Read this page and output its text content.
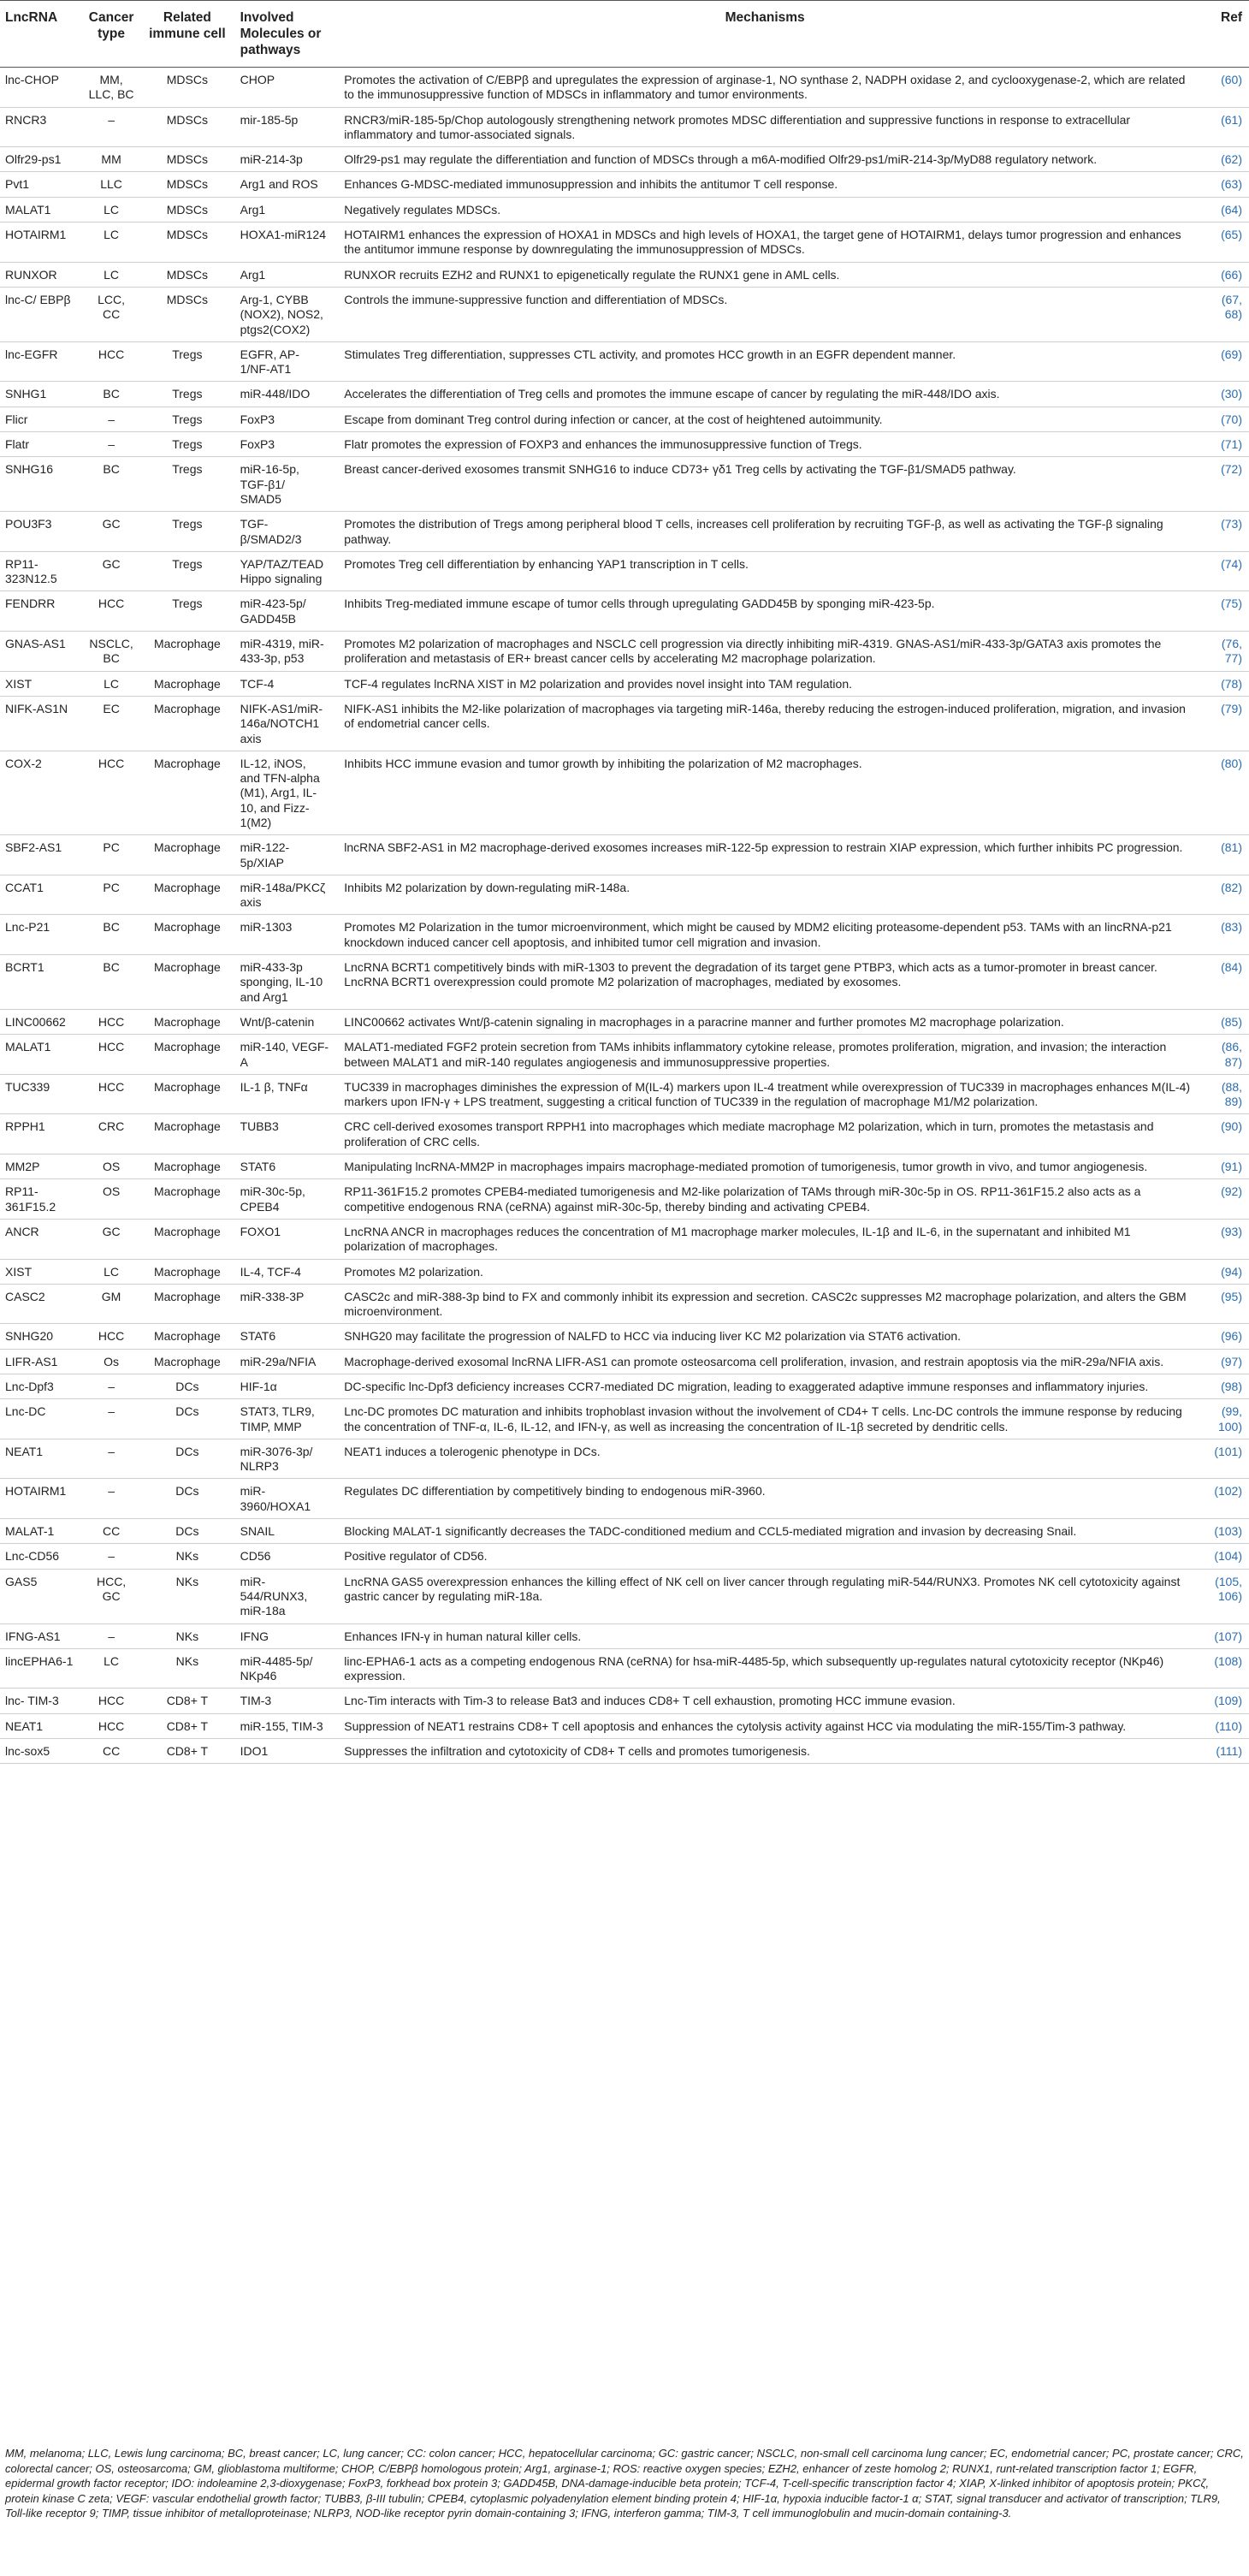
LncRNA	Cancer type	Related immune cell	Involved Molecules or pathways	Mechanisms	Ref
lnc-CHOP	MM, LLC, BC	MDSCs	CHOP	Promotes the activation of C/EBPβ and upregulates the expression of arginase-1, NO synthase 2, NADPH oxidase 2, and cyclooxygenase-2, which are related to the immunosuppressive function of MDSCs in inflammatory and tumor environments.	(60)
RNCR3	–	MDSCs	mir-185-5p	RNCR3/miR-185-5p/Chop autologously strengthening network promotes MDSC differentiation and suppressive functions in response to extracellular inflammatory and tumor-associated signals.	(61)
Olfr29-ps1	MM	MDSCs	miR-214-3p	Olfr29-ps1 may regulate the differentiation and function of MDSCs through a m6A-modified Olfr29-ps1/miR-214-3p/MyD88 regulatory network.	(62)
Pvt1	LLC	MDSCs	Arg1 and ROS	Enhances G-MDSC-mediated immunosuppression and inhibits the antitumor T cell response.	(63)
MALAT1	LC	MDSCs	Arg1	Negatively regulates MDSCs.	(64)
HOTAIRM1	LC	MDSCs	HOXA1-miR124	HOTAIRM1 enhances the expression of HOXA1 in MDSCs and high levels of HOXA1, the target gene of HOTAIRM1, delays tumor progression and enhances the antitumor immune response by downregulating the immunosuppression of MDSCs.	(65)
RUNXOR	LC	MDSCs	Arg1	RUNXOR recruits EZH2 and RUNX1 to epigenetically regulate the RUNX1 gene in AML cells.	(66)
lnc-C/ EBPβ	LCC, CC	MDSCs	Arg-1, CYBB (NOX2), NOS2, ptgs2(COX2)	Controls the immune-suppressive function and differentiation of MDSCs.	(67, 68)
lnc-EGFR	HCC	Tregs	EGFR, AP-1/NF-AT1	Stimulates Treg differentiation, suppresses CTL activity, and promotes HCC growth in an EGFR dependent manner.	(69)
SNHG1	BC	Tregs	miR-448/IDO	Accelerates the differentiation of Treg cells and promotes the immune escape of cancer by regulating the miR-448/IDO axis.	(30)
Flicr	–	Tregs	FoxP3	Escape from dominant Treg control during infection or cancer, at the cost of heightened autoimmunity.	(70)
Flatr	–	Tregs	FoxP3	Flatr promotes the expression of FOXP3 and enhances the immunosuppressive function of Tregs.	(71)
SNHG16	BC	Tregs	miR-16-5p, TGF-β1/ SMAD5	Breast cancer-derived exosomes transmit SNHG16 to induce CD73+ γδ1 Treg cells by activating the TGF-β1/SMAD5 pathway.	(72)
POU3F3	GC	Tregs	TGF-β/SMAD2/3	Promotes the distribution of Tregs among peripheral blood T cells, increases cell proliferation by recruiting TGF-β, as well as activating the TGF-β signaling pathway.	(73)
RP11-323N12.5	GC	Tregs	YAP/TAZ/TEAD Hippo signaling	Promotes Treg cell differentiation by enhancing YAP1 transcription in T cells.	(74)
FENDRR	HCC	Tregs	miR-423-5p/ GADD45B	Inhibits Treg-mediated immune escape of tumor cells through upregulating GADD45B by sponging miR-423-5p.	(75)
GNAS-AS1	NSCLC, BC	Macrophage	miR-4319, miR-433-3p, p53	Promotes M2 polarization of macrophages and NSCLC cell progression via directly inhibiting miR-4319. GNAS-AS1/miR-433-3p/GATA3 axis promotes the proliferation and metastasis of ER+ breast cancer cells by accelerating M2 macrophage polarization.	(76, 77)
XIST	LC	Macrophage	TCF-4	TCF-4 regulates lncRNA XIST in M2 polarization and provides novel insight into TAM regulation.	(78)
NIFK-AS1N	EC	Macrophage	NIFK-AS1/miR-146a/NOTCH1 axis	NIFK-AS1 inhibits the M2-like polarization of macrophages via targeting miR-146a, thereby reducing the estrogen-induced proliferation, migration, and invasion of endometrial cancer cells.	(79)
COX-2	HCC	Macrophage	IL-12, iNOS, and TFN-alpha (M1), Arg1, IL-10, and Fizz-1(M2)	Inhibits HCC immune evasion and tumor growth by inhibiting the polarization of M2 macrophages.	(80)
SBF2-AS1	PC	Macrophage	miR-122-5p/XIAP	lncRNA SBF2-AS1 in M2 macrophage-derived exosomes increases miR-122-5p expression to restrain XIAP expression, which further inhibits PC progression.	(81)
CCAT1	PC	Macrophage	miR-148a/PKCζ axis	Inhibits M2 polarization by down-regulating miR-148a.	(82)
Lnc-P21	BC	Macrophage	miR-1303	Promotes M2 Polarization in the tumor microenvironment, which might be caused by MDM2 eliciting proteasome-dependent p53. TAMs with an lincRNA-p21 knockdown induced cancer cell apoptosis, and inhibited tumor cell migration and invasion.	(83)
BCRT1	BC	Macrophage	miR-433-3p sponging, IL-10 and Arg1	LncRNA BCRT1 competitively binds with miR-1303 to prevent the degradation of its target gene PTBP3, which acts as a tumor-promoter in breast cancer. LncRNA BCRT1 overexpression could promote M2 polarization of macrophages, mediated by exosomes.	(84)
LINC00662	HCC	Macrophage	Wnt/β-catenin	LINC00662 activates Wnt/β-catenin signaling in macrophages in a paracrine manner and further promotes M2 macrophage polarization.	(85)
MALAT1	HCC	Macrophage	miR-140, VEGF-A	MALAT1-mediated FGF2 protein secretion from TAMs inhibits inflammatory cytokine release, promotes proliferation, migration, and invasion; the interaction between MALAT1 and miR-140 regulates angiogenesis and immunosuppressive properties.	(86, 87)
TUC339	HCC	Macrophage	IL-1 β, TNFα	TUC339 in macrophages diminishes the expression of M(IL-4) markers upon IL-4 treatment while overexpression of TUC339 in macrophages enhances M(IL-4) markers upon IFN-γ + LPS treatment, suggesting a critical function of TUC339 in the regulation of macrophage M1/M2 polarization.	(88, 89)
RPPH1	CRC	Macrophage	TUBB3	CRC cell-derived exosomes transport RPPH1 into macrophages which mediate macrophage M2 polarization, which in turn, promotes the metastasis and proliferation of CRC cells.	(90)
MM2P	OS	Macrophage	STAT6	Manipulating lncRNA-MM2P in macrophages impairs macrophage-mediated promotion of tumorigenesis, tumor growth in vivo, and tumor angiogenesis.	(91)
RP11-361F15.2	OS	Macrophage	miR-30c-5p, CPEB4	RP11-361F15.2 promotes CPEB4-mediated tumorigenesis and M2-like polarization of TAMs through miR-30c-5p in OS. RP11-361F15.2 also acts as a competitive endogenous RNA (ceRNA) against miR-30c-5p, thereby binding and activating CPEB4.	(92)
ANCR	GC	Macrophage	FOXO1	LncRNA ANCR in macrophages reduces the concentration of M1 macrophage marker molecules, IL-1β and IL-6, in the supernatant and inhibited M1 polarization of macrophages.	(93)
XIST	LC	Macrophage	IL-4, TCF-4	Promotes M2 polarization.	(94)
CASC2	GM	Macrophage	miR-338-3P	CASC2c and miR-388-3p bind to FX and commonly inhibit its expression and secretion. CASC2c suppresses M2 macrophage polarization, and alters the GBM microenvironment.	(95)
SNHG20	HCC	Macrophage	STAT6	SNHG20 may facilitate the progression of NALFD to HCC via inducing liver KC M2 polarization via STAT6 activation.	(96)
LIFR-AS1	Os	Macrophage	miR-29a/NFIA	Macrophage-derived exosomal lncRNA LIFR-AS1 can promote osteosarcoma cell proliferation, invasion, and restrain apoptosis via the miR-29a/NFIA axis.	(97)
Lnc-Dpf3	–	DCs	HIF-1α	DC-specific lnc-Dpf3 deficiency increases CCR7-mediated DC migration, leading to exaggerated adaptive immune responses and inflammatory injuries.	(98)
Lnc-DC	–	DCs	STAT3, TLR9, TIMP, MMP	Lnc-DC promotes DC maturation and inhibits trophoblast invasion without the involvement of CD4+ T cells. Lnc-DC controls the immune response by reducing the concentration of TNF-α, IL-6, IL-12, and IFN-γ, as well as increasing the concentration of IL-1β secreted by dendritic cells.	(99, 100)
NEAT1	–	DCs	miR-3076-3p/ NLRP3	NEAT1 induces a tolerogenic phenotype in DCs.	(101)
HOTAIRM1	–	DCs	miR-3960/HOXA1	Regulates DC differentiation by competitively binding to endogenous miR-3960.	(102)
MALAT-1	CC	DCs	SNAIL	Blocking MALAT-1 significantly decreases the TADC-conditioned medium and CCL5-mediated migration and invasion by decreasing Snail.	(103)
Lnc-CD56	–	NKs	CD56	Positive regulator of CD56.	(104)
GAS5	HCC, GC	NKs	miR-544/RUNX3, miR-18a	LncRNA GAS5 overexpression enhances the killing effect of NK cell on liver cancer through regulating miR-544/RUNX3. Promotes NK cell cytotoxicity against gastric cancer by regulating miR-18a.	(105, 106)
IFNG-AS1	–	NKs	IFNG	Enhances IFN-γ in human natural killer cells.	(107)
lincEPHA6-1	LC	NKs	miR-4485-5p/ NKp46	linc-EPHA6-1 acts as a competing endogenous RNA (ceRNA) for hsa-miR-4485-5p, which subsequently up-regulates natural cytotoxicity receptor (NKp46) expression.	(108)
lnc- TIM-3	HCC	CD8+ T	TIM-3	Lnc-Tim interacts with Tim-3 to release Bat3 and induces CD8+ T cell exhaustion, promoting HCC immune evasion.	(109)
NEAT1	HCC	CD8+ T	miR-155, TIM-3	Suppression of NEAT1 restrains CD8+ T cell apoptosis and enhances the cytolysis activity against HCC via modulating the miR-155/Tim-3 pathway.	(110)
lnc-sox5	CC	CD8+ T	IDO1	Suppresses the infiltration and cytotoxicity of CD8+ T cells and promotes tumorigenesis.	(111)
MM, melanoma; LLC, Lewis lung carcinoma; BC, breast cancer; LC, lung cancer; CC: colon cancer; HCC, hepatocellular carcinoma; GC: gastric cancer; NSCLC, non-small cell carcinoma lung cancer; EC, endometrial cancer; PC, prostate cancer; CRC, colorectal cancer; OS, osteosarcoma; GM, glioblastoma multiforme; CHOP, C/EBPβ homologous protein; Arg1, arginase-1; ROS: reactive oxygen species; EZH2, enhancer of zeste homolog 2; RUNX1, runt-related transcription factor 1; EGFR, epidermal growth factor receptor; IDO: indoleamine 2,3-dioxygenase; FoxP3, forkhead box protein 3; GADD45B, DNA-damage-inducible beta protein; TCF-4, T-cell-specific transcription factor 4; XIAP, X-linked inhibitor of apoptosis protein; PKCζ, protein kinase C zeta; VEGF: vascular endothelial growth factor; TUBB3, β-III tubulin; CPEB4, cytoplasmic polyadenylation element binding protein 4; HIF-1α, hypoxia inducible factor-1 α; STAT, signal transducer and activator of transcription; TLR9, Toll-like receptor 9; TIMP, tissue inhibitor of metalloproteinase; NLRP3, NOD-like receptor pyrin domain-containing 3; IFNG, interferon gamma; TIM-3, T cell immunoglobulin and mucin-domain containing-3.
